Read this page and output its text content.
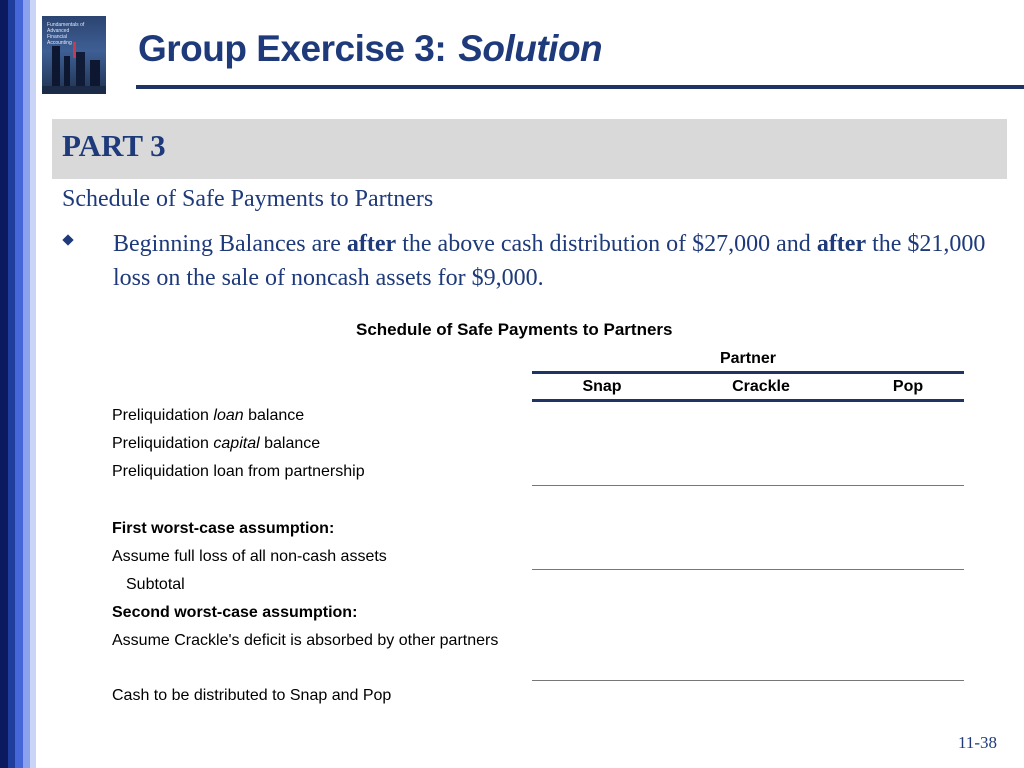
Fundamentals of
Advanced
Financial
Accounting	Group Exercise 3: Solution
PART 3
Schedule of Safe Payments to Partners
Beginning Balances are after the above cash distribution of $27,000 and after the $21,000 loss on the sale of noncash assets for $9,000.
Schedule of Safe Payments to Partners
Partner
Snap	Crackle	Pop
Preliquidation loan balance
Preliquidation capital balance
Preliquidation loan from partnership
First worst-case assumption:
Assume full loss of all non-cash assets
Subtotal
Second worst-case assumption:
Assume Crackle's deficit is absorbed by other partners
Cash to be distributed to Snap and Pop
11-38
